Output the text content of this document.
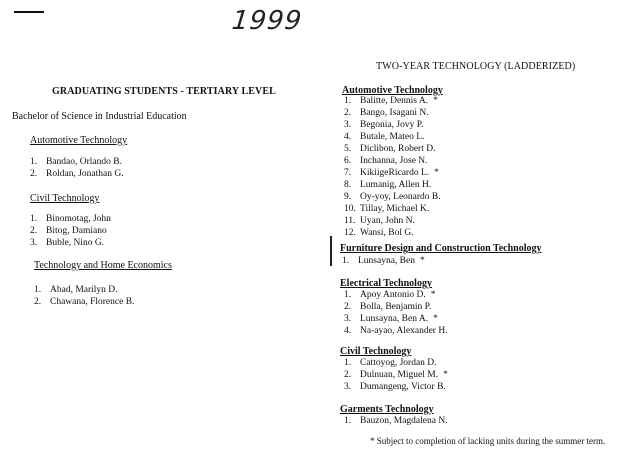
1999
GRADUATING STUDENTS - TERTIARY LEVEL
Bachelor of Science in Industrial Education
Automotive Technology
1. Bandao, Orlando B.
2. Roldan, Jonathan G.
Civil Technology
1. Binomotag, John
2. Bitog, Damiano
3. Buble, Nino G.
Technology and Home Economics
1. Abad, Marilyn D.
2. Chawana, Florence B.
TWO-YEAR TECHNOLOGY (LADDERIZED)
Automotive Technology
1. Balitte, Dennis A. *
2. Bango, Isagani N.
3. Begonia, Jovy P.
4. Butale, Mateo L.
5. Diclibon, Robert D.
6. Inchanna, Jose N.
7. KikiigeRicardo L. *
8. Lumanig, Allen H.
9. Oy-yoy, Leonardo B.
10. Tillay, Michael K.
11. Uyan, John N.
12. Wansi, Bol G.
Furniture Design and Construction Technology
1. Lunsayna, Ben *
Electrical Technology
1. Apoy Antonio D. *
2. Bolla, Benjamin P.
3. Lunsayna, Ben A. *
4. Na-ayao, Alexander H.
Civil Technology
1. Cattoyog, Jordan D.
2. Dulnuan, Miguel M. *
3. Dumangeng, Victor B.
Garments Technology
1. Bauzon, Magdalena N.
* Subject to completion of lacking units during the summer term.
